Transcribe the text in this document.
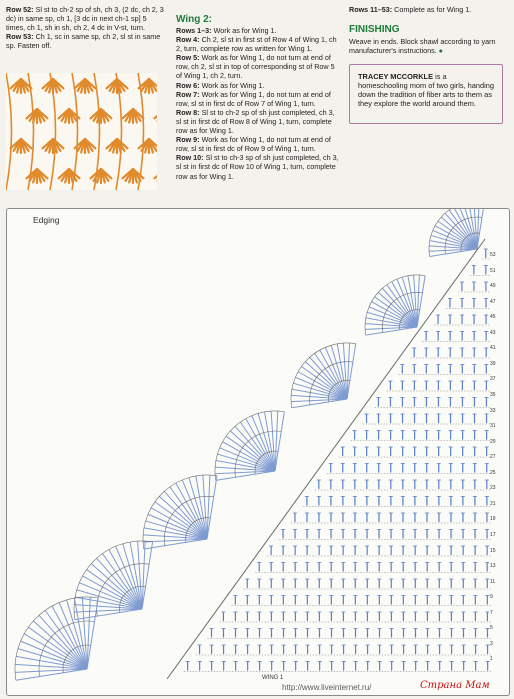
Row 52: Sl st to ch-2 sp of sh, ch 3, (2 dc, ch 2, 3 dc) in same sp, ch 1, [3 dc in next ch-1 sp] 5 times, ch 1, sh in sh, ch 2, 4 dc in V-st, turn.

Row 53: Ch 1, sc in same sp, ch 2, sl st in same sp. Fasten off.

Wing 2:

Rows 1–3: Work as for Wing 1.

Row 4: Ch 2, sl st in first st of Row 4 of Wing 1, ch 2, turn, complete row as written for Wing 1.

Row 5: Work as for Wing 1, do not turn at end of row, ch 2, sl st in top of corresponding st of Row 5 of Wing 1, ch 2, turn.

Row 6: Work as for Wing 1.

Row 7: Work as for Wing 1, do not turn at end of row, sl st in first dc of Row 7 of Wing 1, turn.

Row 8: Sl st to ch-2 sp of sh just completed, ch 3, sl st in first dc of Row 8 of Wing 1, turn, complete row as for Wing 1.

Row 9: Work as for Wing 1, do not turn at end of row, sl st in first dc of Row 9 of Wing 1, turn.

Row 10: Sl st to ch-3 sp of sh just completed, ch 3, sl st in first dc of Row 10 of Wing 1, turn, complete row as for Wing 1.

Rows 11–53: Complete as for Wing 1.

FINISHING
Weave in ends. Block shawl according to yarn manufacturer's instructions. ●
TRACEY MCCORKLE is a homeschooling mom of two girls, handing down the tradition of fiber arts to them as they explore the world around them.
Edging
53
51
49
47
45
43
41
39
37
35
33
31
29
27
25
23
21
19
17
15
13
11
9
7
5
3
1
WING 1
http://www.liveinternet.ru/	Страна Мам
